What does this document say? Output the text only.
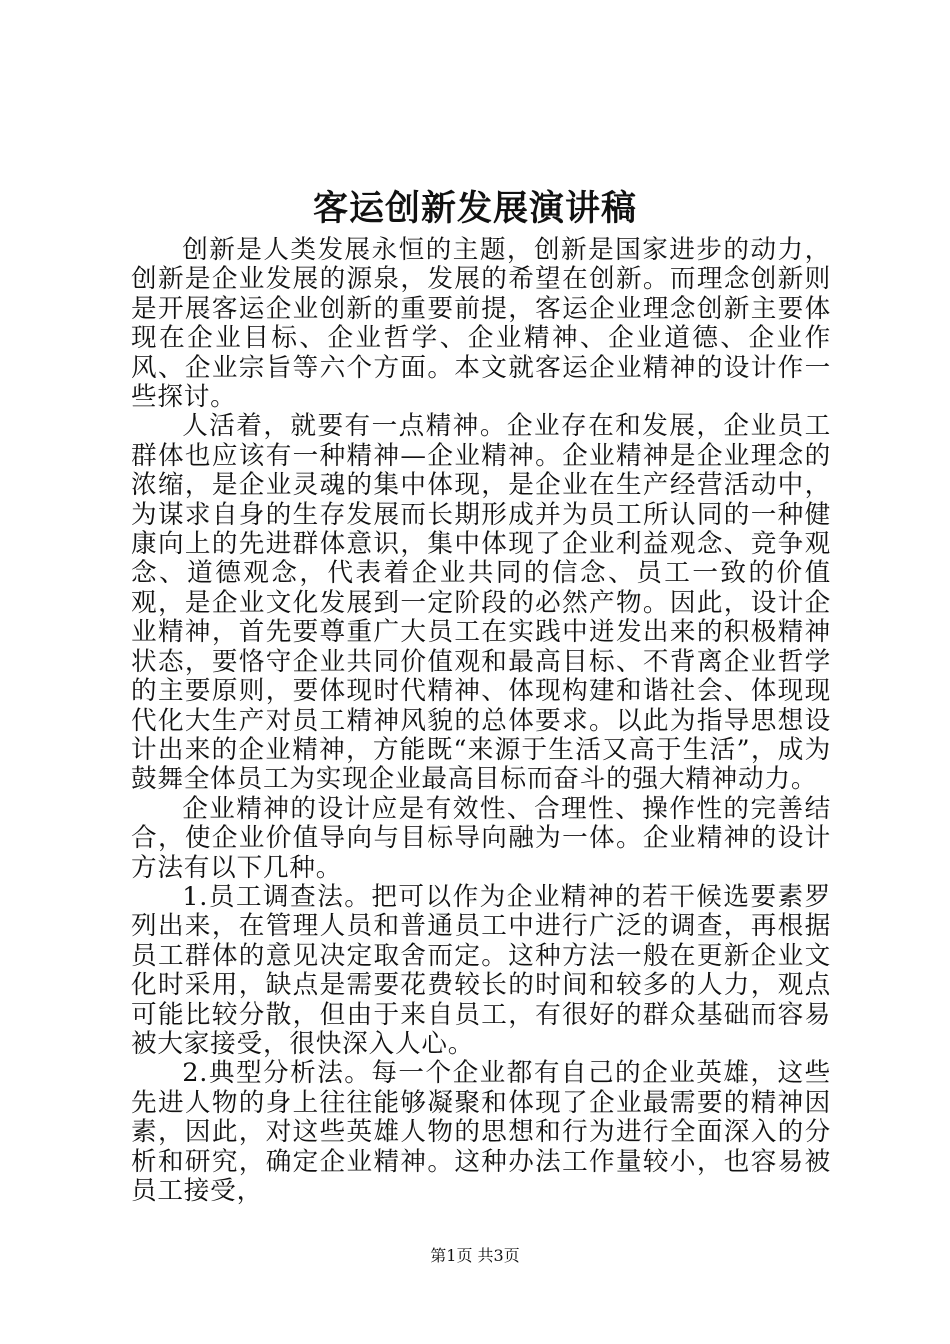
客运创新发展演讲稿

创新是人类发展永恒的主题，创新是国家进步的动力，创新是企业发展的源泉，发展的希望在创新。而理念创新则是开展客运企业创新的重要前提，客运企业理念创新主要体现在企业目标、企业哲学、企业精神、企业道德、企业作风、企业宗旨等六个方面。本文就客运企业精神的设计作一些探讨。

人活着，就要有一点精神。企业存在和发展，企业员工群体也应该有一种精神—企业精神。企业精神是企业理念的浓缩，是企业灵魂的集中体现，是企业在生产经营活动中，为谋求自身的生存发展而长期形成并为员工所认同的一种健康向上的先进群体意识，集中体现了企业利益观念、竞争观念、道德观念，代表着企业共同的信念、员工一致的价值观，是企业文化发展到一定阶段的必然产物。因此，设计企业精神，首先要尊重广大员工在实践中迸发出来的积极精神状态，要恪守企业共同价值观和最高目标、不背离企业哲学的主要原则，要体现时代精神、体现构建和谐社会、体现现代化大生产对员工精神风貌的总体要求。以此为指导思想设计出来的企业精神，方能既“来源于生活又高于生活”，成为鼓舞全体员工为实现企业最高目标而奋斗的强大精神动力。

企业精神的设计应是有效性、合理性、操作性的完善结合，使企业价值导向与目标导向融为一体。企业精神的设计方法有以下几种。

1.员工调查法。把可以作为企业精神的若干候选要素罗列出来，在管理人员和普通员工中进行广泛的调查，再根据员工群体的意见决定取舍而定。这种方法一般在更新企业文化时采用，缺点是需要花费较长的时间和较多的人力，观点可能比较分散，但由于来自员工，有很好的群众基础而容易被大家接受，很快深入人心。

2.典型分析法。每一个企业都有自己的企业英雄，这些先进人物的身上往往能够凝聚和体现了企业最需要的精神因素，因此，对这些英雄人物的思想和行为进行全面深入的分析和研究，确定企业精神。这种办法工作量较小，也容易被员工接受，

第1页 共3页
